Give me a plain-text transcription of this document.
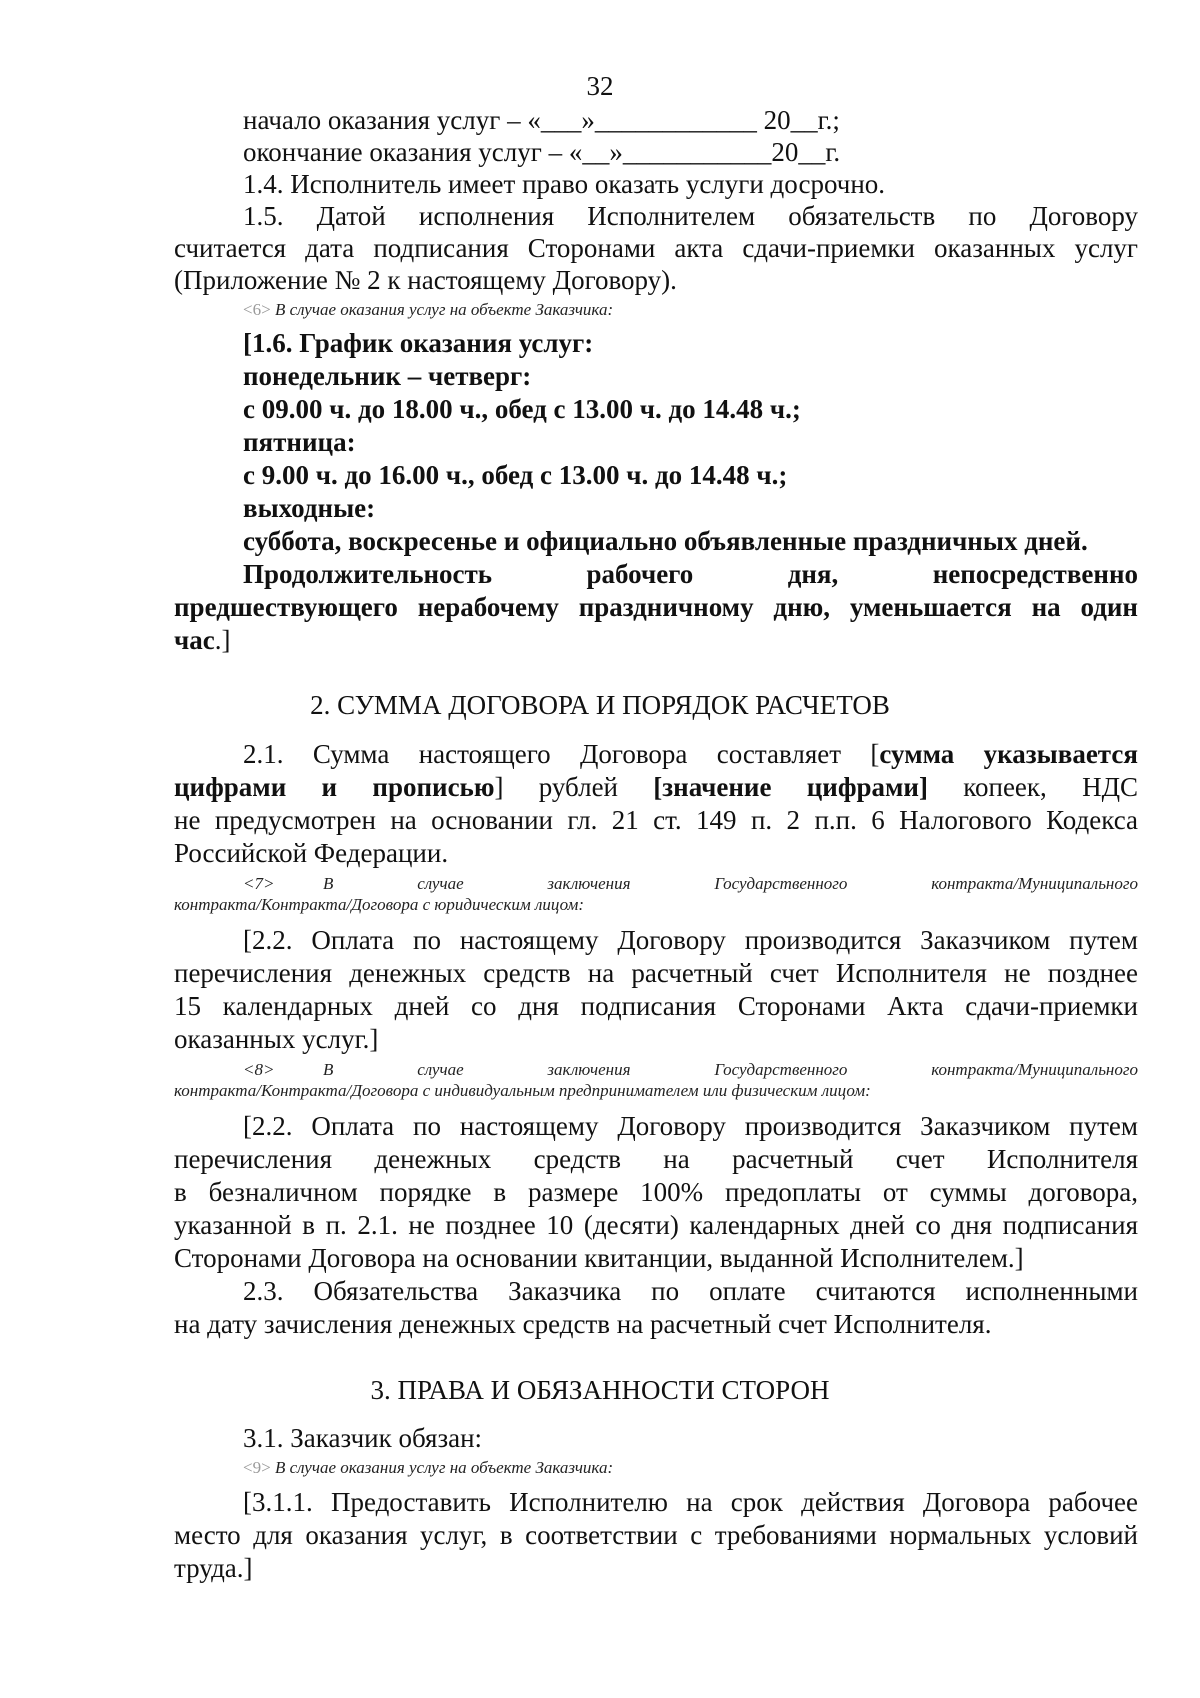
32
начало оказания услуг – «___»____________ 20__г.;
окончание оказания услуг – «__»___________20__г.
1.4. Исполнитель имеет право оказать услуги досрочно.
1.5. Датой исполнения Исполнителем обязательств по Договору
считается дата подписания Сторонами акта сдачи-приемки оказанных услуг
(Приложение № 2 к настоящему Договору).
<6> В случае оказания услуг на объекте Заказчика:
[1.6. График оказания услуг:
понедельник – четверг:
с 09.00 ч. до 18.00 ч., обед с 13.00 ч. до 14.48 ч.;
пятница:
с 9.00 ч. до 16.00 ч., обед с 13.00 ч. до 14.48 ч.;
выходные:
суббота, воскресенье и официально объявленные праздничных дней.
Продолжительность рабочего дня, непосредственно
предшествующего нерабочему праздничному дню, уменьшается на один
час.]
2. СУММА ДОГОВОРА И ПОРЯДОК РАСЧЕТОВ
2.1. Сумма настоящего Договора составляет [сумма указывается
цифрами и прописью] рублей [значение цифрами] копеек, НДС
не предусмотрен на основании гл. 21 ст. 149 п. 2 п.п. 6 Налогового Кодекса
Российской Федерации.
<7>	В случае заключения Государственного контракта/Муниципального
контракта/Контракта/Договора с юридическим лицом:
[2.2. Оплата по настоящему Договору производится Заказчиком путем
перечисления денежных средств на расчетный счет Исполнителя не позднее
15 календарных дней со дня подписания Сторонами Акта сдачи-приемки
оказанных услуг.]
<8>	В случае заключения Государственного контракта/Муниципального
контракта/Контракта/Договора с индивидуальным предпринимателем или физическим лицом:
[2.2. Оплата по настоящему Договору производится Заказчиком путем
перечисления денежных средств на расчетный счет Исполнителя
в безналичном порядке в размере 100% предоплаты от суммы договора,
указанной в п. 2.1. не позднее 10 (десяти) календарных дней со дня подписания
Сторонами Договора на основании квитанции, выданной Исполнителем.]
2.3. Обязательства Заказчика по оплате считаются исполненными
на дату зачисления денежных средств на расчетный счет Исполнителя.
3. ПРАВА И ОБЯЗАННОСТИ СТОРОН
3.1. Заказчик обязан:
<9> В случае оказания услуг на объекте Заказчика:
[3.1.1. Предоставить Исполнителю на срок действия Договора рабочее
место для оказания услуг, в соответствии с требованиями нормальных условий
труда.]
